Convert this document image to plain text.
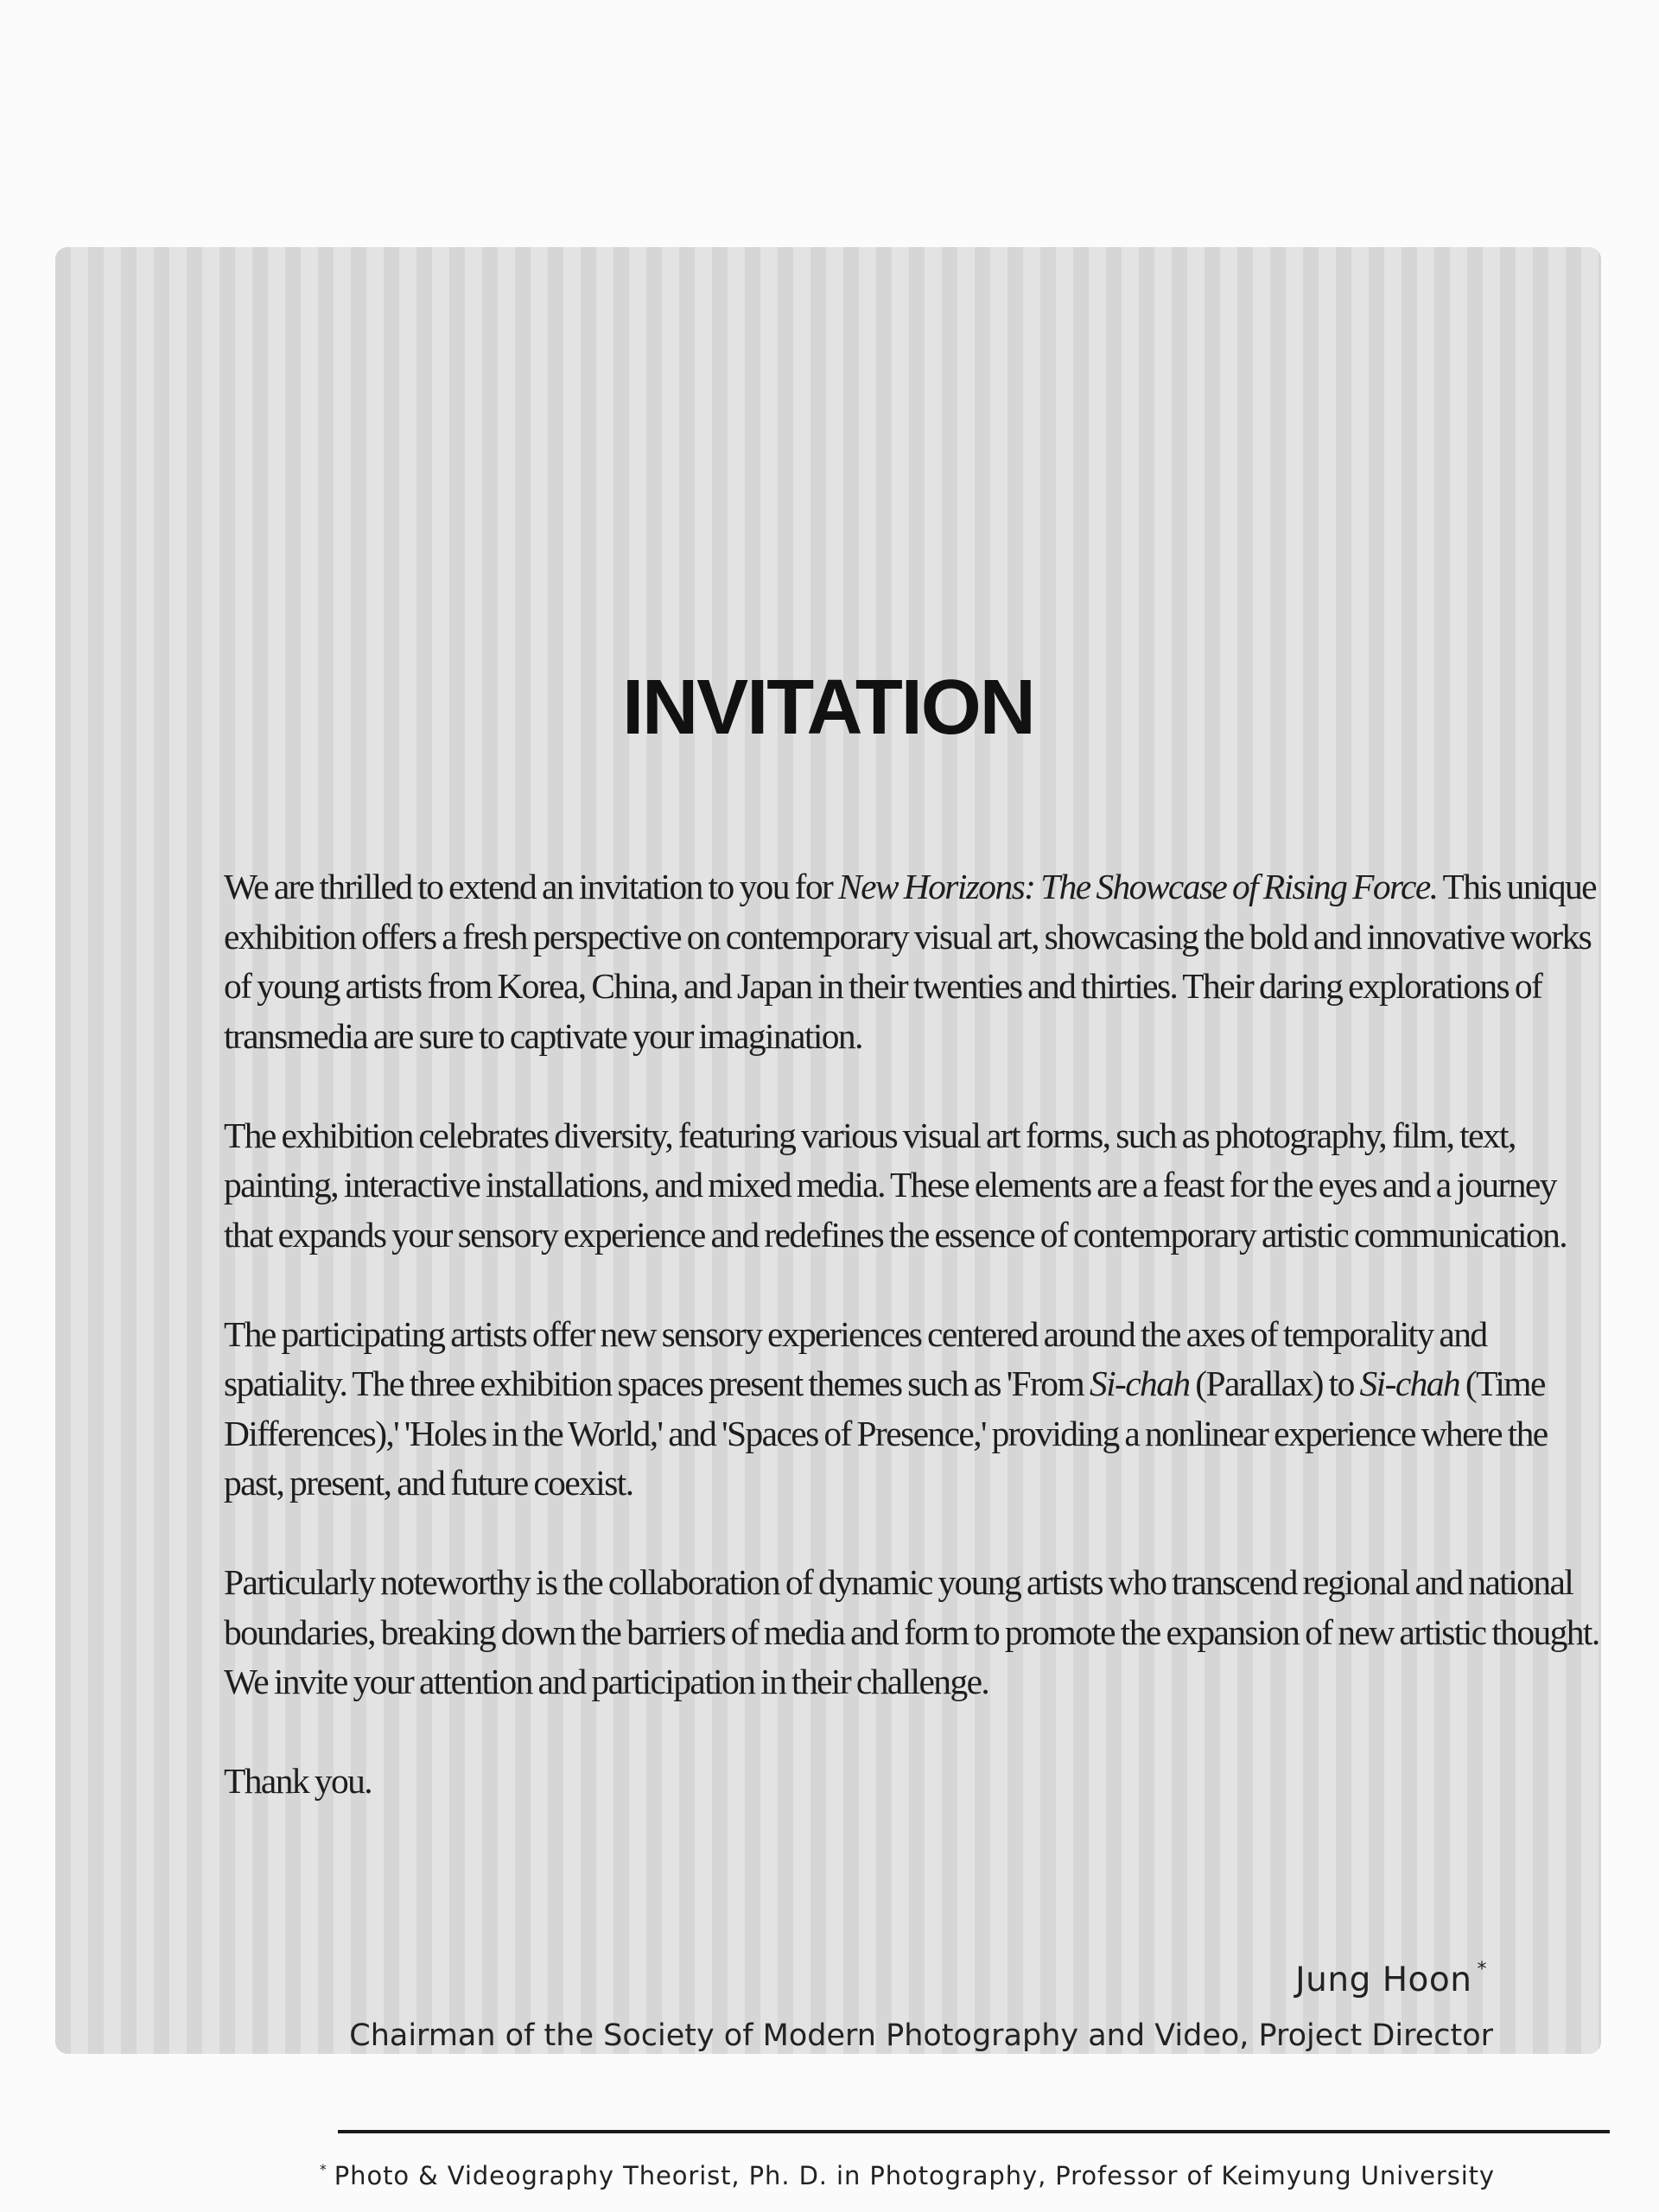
INVITATION

We are thrilled to extend an invitation to you for New Horizons: The Showcase of Rising Force. This unique exhibition offers a fresh perspective on contemporary visual art, showcasing the bold and innovative works of young artists from Korea, China, and Japan in their twenties and thirties. Their daring explorations of transmedia are sure to captivate your imagination.

The exhibition celebrates diversity, featuring various visual art forms, such as photography, film, text, painting, interactive installations, and mixed media. These elements are a feast for the eyes and a journey that expands your sensory experience and redefines the essence of contemporary artistic communication.

The participating artists offer new sensory experiences centered around the axes of temporality and spatiality. The three exhibition spaces present themes such as 'From Si-chah (Parallax) to Si-chah (Time Differences),' 'Holes in the World,' and 'Spaces of Presence,' providing a nonlinear experience where the past, present, and future coexist.

Particularly noteworthy is the collaboration of dynamic young artists who transcend regional and national boundaries, breaking down the barriers of media and form to promote the expansion of new artistic thought. We invite your attention and participation in their challenge.

Thank you.

Jung Hoon *
Chairman of the Society of Modern Photography and Video, Project Director
* Photo & Videography Theorist, Ph. D. in Photography, Professor of Keimyung University
